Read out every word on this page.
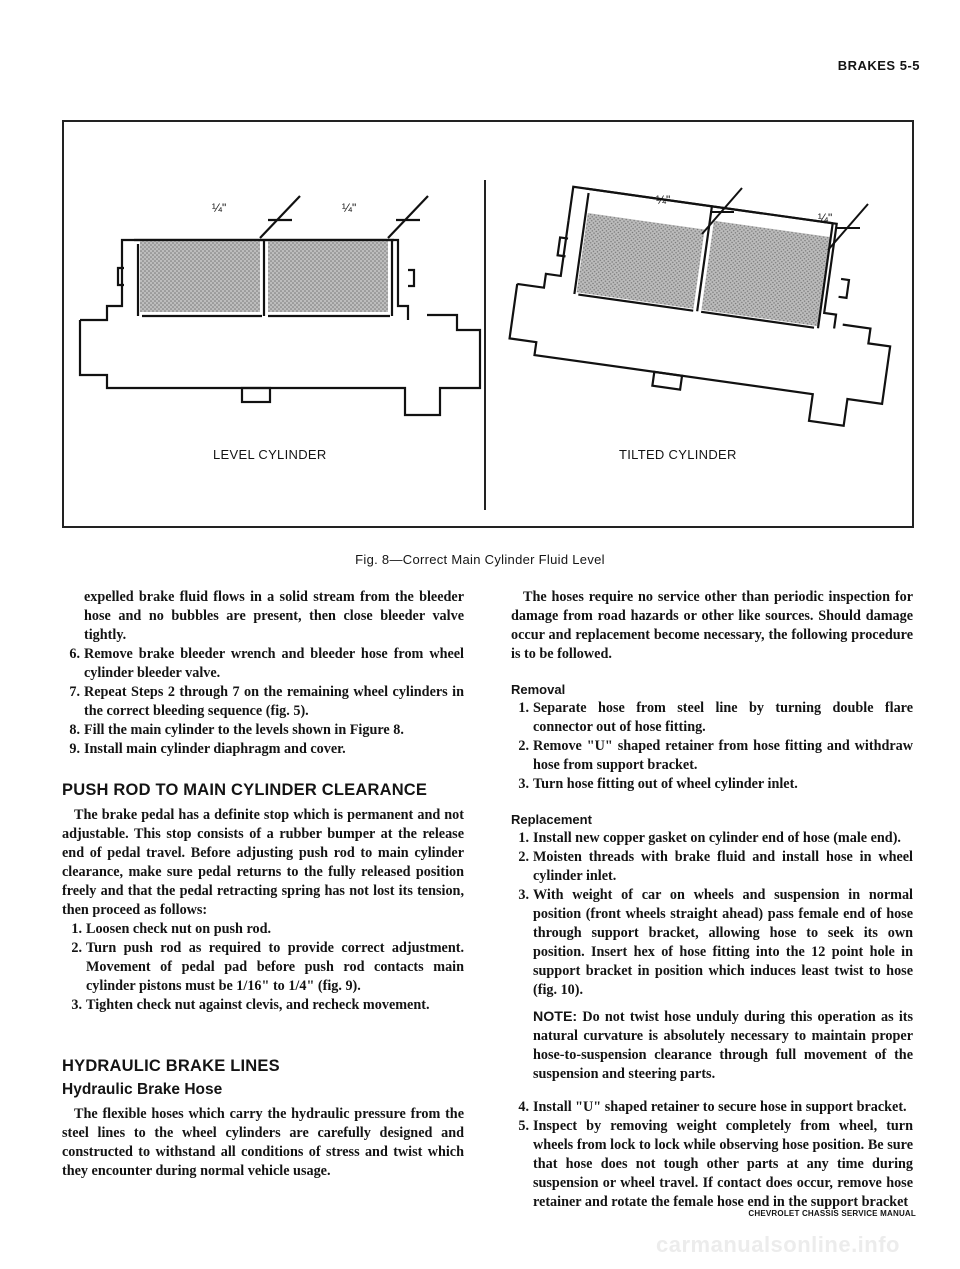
BRAKES 5-5
¼"	¼"
¼"
¼"
LEVEL CYLINDER	TILTED CYLINDER
Fig. 8—Correct Main Cylinder Fluid Level

expelled brake fluid flows in a solid stream from the bleeder hose and no bubbles are present, then close bleeder valve tightly.

6. Remove brake bleeder wrench and bleeder hose from wheel cylinder bleeder valve.
7. Repeat Steps 2 through 7 on the remaining wheel cylinders in the correct bleeding sequence (fig. 5).
8. Fill the main cylinder to the levels shown in Figure 8.
9. Install main cylinder diaphragm and cover.
PUSH ROD TO MAIN CYLINDER CLEARANCE

The brake pedal has a definite stop which is permanent and not adjustable. This stop consists of a rubber bumper at the release end of pedal travel. Before adjusting push rod to main cylinder clearance, make sure pedal returns to the fully released position freely and that the pedal retracting spring has not lost its tension, then proceed as follows:

1. Loosen check nut on push rod.
2. Turn push rod as required to provide correct adjustment. Movement of pedal pad before push rod contacts main cylinder pistons must be 1/16" to 1/4" (fig. 9).
3. Tighten check nut against clevis, and recheck movement.
HYDRAULIC BRAKE LINES
Hydraulic Brake Hose

The flexible hoses which carry the hydraulic pressure from the steel lines to the wheel cylinders are carefully designed and constructed to withstand all conditions of stress and twist which they encounter during normal vehicle usage.

The hoses require no service other than periodic inspection for damage from road hazards or other like sources. Should damage occur and replacement become necessary, the following procedure is to be followed.

Removal
1. Separate hose from steel line by turning double flare connector out of hose fitting.
2. Remove "U" shaped retainer from hose fitting and withdraw hose from support bracket.
3. Turn hose fitting out of wheel cylinder inlet.
Replacement
1. Install new copper gasket on cylinder end of hose (male end).
2. Moisten threads with brake fluid and install hose in wheel cylinder inlet.
3. With weight of car on wheels and suspension in normal position (front wheels straight ahead) pass female end of hose through support bracket, allowing hose to seek its own position. Insert hex of hose fitting into the 12 point hole in support bracket in position which induces least twist to hose (fig. 10).
NOTE: Do not twist hose unduly during this operation as its natural curvature is absolutely necessary to maintain proper hose-to-suspension clearance through full movement of the suspension and steering parts.
4. Install "U" shaped retainer to secure hose in support bracket.
5. Inspect by removing weight completely from wheel, turn wheels from lock to lock while observing hose position. Be sure that hose does not tough other parts at any time during suspension or wheel travel. If contact does occur, remove hose retainer and rotate the female hose end in the support bracket
CHEVROLET CHASSIS SERVICE MANUAL
carmanualsonline.info
